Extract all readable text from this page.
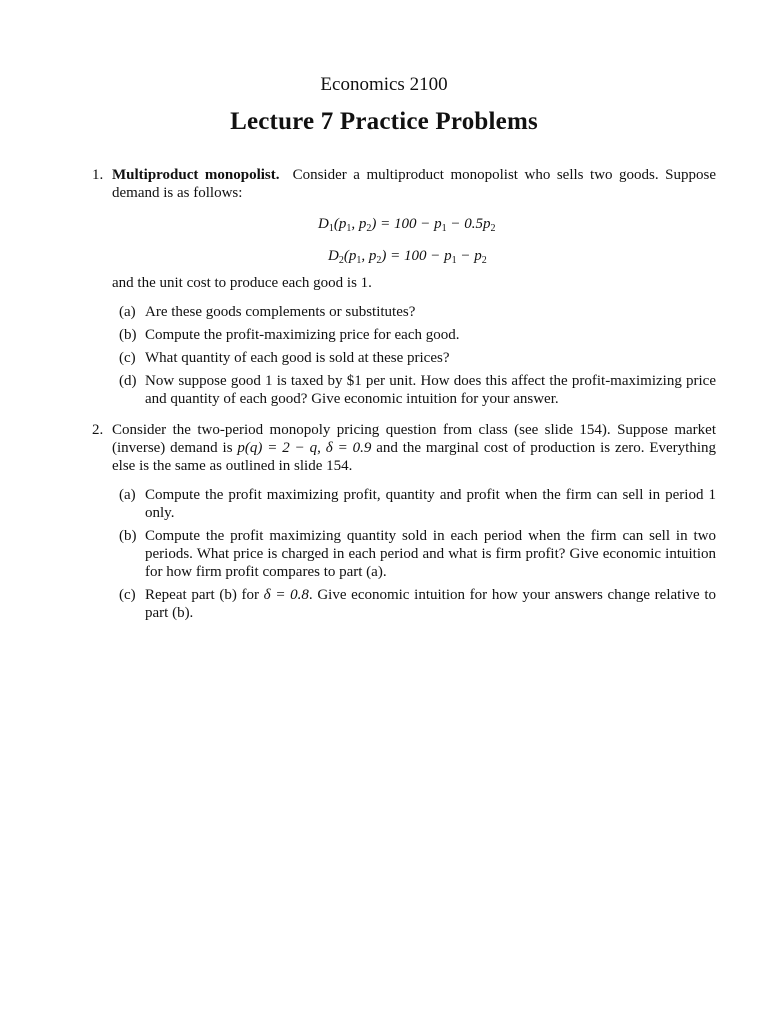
Economics 2100
Lecture 7 Practice Problems
1. Multiproduct monopolist. Consider a multiproduct monopolist who sells two goods. Suppose demand is as follows:
$D_1(p_1$, $p_2) = 100 - p_1 - 0.5p_2$
$D_2(p_1$, $p_2) = 100 - p_1 - p_2$
and the unit cost to produce each good is 1.
(a) Are these goods complements or substitutes?
(b) Compute the profit-maximizing price for each good.
(c) What quantity of each good is sold at these prices?
(d) Now suppose good 1 is taxed by $1 per unit. How does this affect the profit-maximizing price and quantity of each good? Give economic intuition for your answer.
2. Consider the two-period monopoly pricing question from class (see slide 154). Suppose market (inverse) demand is p(q) = 2 − q, δ = 0.9 and the marginal cost of production is zero. Everything else is the same as outlined in slide 154.
(a) Compute the profit maximizing profit, quantity and profit when the firm can sell in period 1 only.
(b) Compute the profit maximizing quantity sold in each period when the firm can sell in two periods. What price is charged in each period and what is firm profit? Give economic intuition for how firm profit compares to part (a).
(c) Repeat part (b) for δ = 0.8. Give economic intuition for how your answers change relative to part (b).
